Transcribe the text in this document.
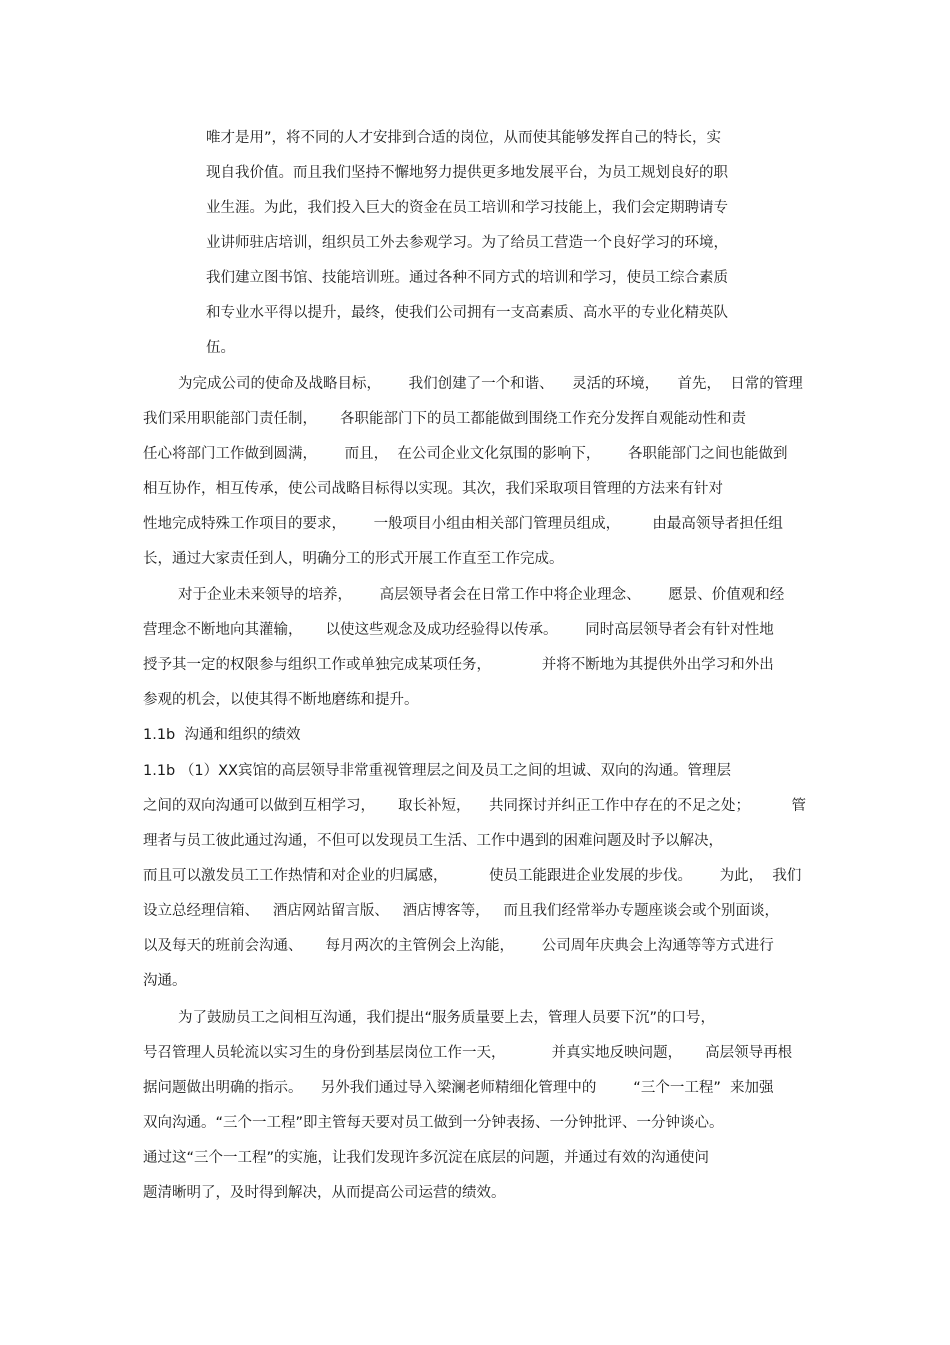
唯才是用”，将不同的人才安排到合适的岗位，从而使其能够发挥自己的特长，实
现自我价值。而且我们坚持不懈地努力提供更多地发展平台，为员工规划良好的职
业生涯。为此，我们投入巨大的资金在员工培训和学习技能上，我们会定期聘请专
业讲师驻店培训，组织员工外去参观学习。为了给员工营造一个良好学习的环境，
我们建立图书馆、技能培训班。通过各种不同方式的培训和学习，使员工综合素质
和专业水平得以提升，最终，使我们公司拥有一支高素质、高水平的专业化精英队
伍。
为完成公司的使命及战略目标，      我们创建了一个和谐、    灵活的环境，    首先，  日常的管理
我们采用职能部门责任制，     各职能部门下的员工都能做到围绕工作充分发挥自观能动性和责
任心将部门工作做到圆满，      而且，  在公司企业文化氛围的影响下，      各职能部门之间也能做到
相互协作，相互传承，使公司战略目标得以实现。其次，我们采取项目管理的方法来有针对
性地完成特殊工作项目的要求，      一般项目小组由相关部门管理员组成，       由最高领导者担任组
长，通过大家责任到人，明确分工的形式开展工作直至工作完成。
对于企业未来领导的培养，      高层领导者会在日常工作中将企业理念、      愿景、价值观和经
营理念不断地向其灌输，     以使这些观念及成功经验得以传承。      同时高层领导者会有针对性地
授予其一定的权限参与组织工作或单独完成某项任务，           并将不断地为其提供外出学习和外出
参观的机会，以使其得不断地磨练和提升。
1.1b  沟通和组织的绩效
1.1b （1）XX宾馆的高层领导非常重视管理层之间及员工之间的坦诚、双向的沟通。管理层
之间的双向沟通可以做到互相学习，     取长补短，    共同探讨并纠正工作中存在的不足之处；         管
理者与员工彼此通过沟通，不但可以发现员工生活、工作中遇到的困难问题及时予以解决，
而且可以激发员工工作热情和对企业的归属感，         使员工能跟进企业发展的步伐。      为此，  我们
设立总经理信箱、   酒店网站留言版、   酒店博客等，   而且我们经常举办专题座谈会或个别面谈，
以及每天的班前会沟通、     每月两次的主管例会上沟能，      公司周年庆典会上沟通等等方式进行
沟通。
为了鼓励员工之间相互沟通，我们提出“服务质量要上去，管理人员要下沉”的口号，
号召管理人员轮流以实习生的身份到基层岗位工作一天，          并真实地反映问题，     高层领导再根
据问题做出明确的指示。    另外我们通过导入梁澜老师精细化管理中的        “三个一工程”  来加强
双向沟通。“三个一工程”即主管每天要对员工做到一分钟表扬、一分钟批评、一分钟谈心。
通过这“三个一工程”的实施，让我们发现许多沉淀在底层的问题，并通过有效的沟通使问
题清晰明了，及时得到解决，从而提高公司运营的绩效。
